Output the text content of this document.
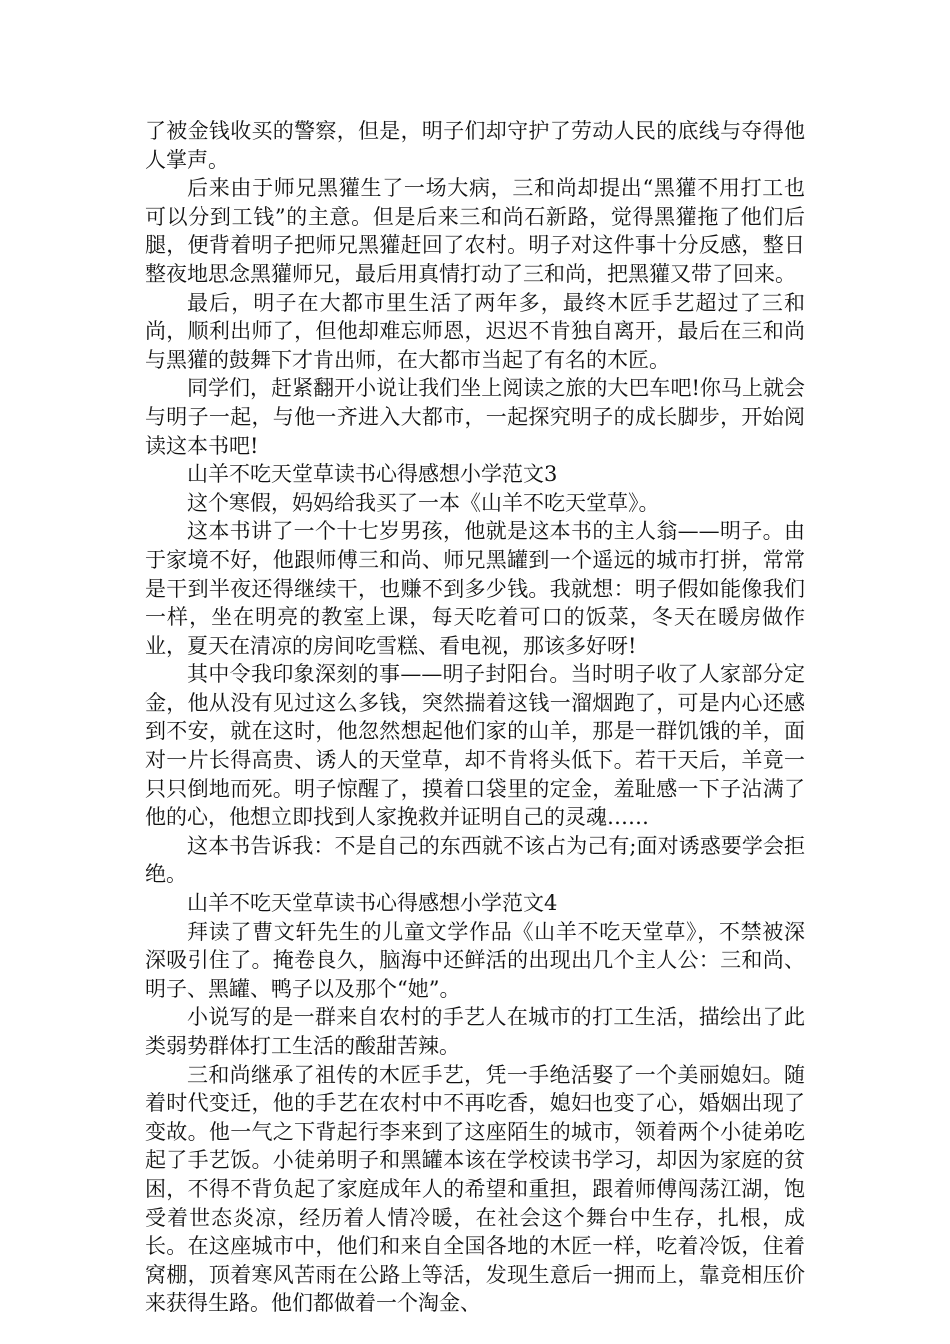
了被金钱收买的警察，但是，明子们却守护了劳动人民的底线与夺得他人掌声。

后来由于师兄黑獾生了一场大病，三和尚却提出“黑獾不用打工也可以分到工钱”的主意。但是后来三和尚石新路，觉得黑獾拖了他们后腿，便背着明子把师兄黑獾赶回了农村。明子对这件事十分反感，整日整夜地思念黑獾师兄，最后用真情打动了三和尚，把黑獾又带了回来。

最后，明子在大都市里生活了两年多，最终木匠手艺超过了三和尚，顺利出师了，但他却难忘师恩，迟迟不肯独自离开，最后在三和尚与黑獾的鼓舞下才肯出师，在大都市当起了有名的木匠。

同学们，赶紧翻开小说让我们坐上阅读之旅的大巴车吧!你马上就会与明子一起，与他一齐进入大都市，一起探究明子的成长脚步，开始阅读这本书吧!

山羊不吃天堂草读书心得感想小学范文3

这个寒假，妈妈给我买了一本《山羊不吃天堂草》。

这本书讲了一个十七岁男孩，他就是这本书的主人翁——明子。由于家境不好，他跟师傅三和尚、师兄黑罐到一个遥远的城市打拼，常常是干到半夜还得继续干，也赚不到多少钱。我就想：明子假如能像我们一样，坐在明亮的教室上课，每天吃着可口的饭菜，冬天在暖房做作业，夏天在清凉的房间吃雪糕、看电视，那该多好呀!

其中令我印象深刻的事——明子封阳台。当时明子收了人家部分定金，他从没有见过这么多钱，突然揣着这钱一溜烟跑了，可是内心还感到不安，就在这时，他忽然想起他们家的山羊，那是一群饥饿的羊，面对一片长得高贵、诱人的天堂草，却不肯将头低下。若干天后，羊竟一只只倒地而死。明子惊醒了，摸着口袋里的定金，羞耻感一下子沾满了他的心，他想立即找到人家挽救并证明自己的灵魂……

这本书告诉我：不是自己的东西就不该占为己有;面对诱惑要学会拒绝。

山羊不吃天堂草读书心得感想小学范文4

拜读了曹文轩先生的儿童文学作品《山羊不吃天堂草》，不禁被深深吸引住了。掩卷良久，脑海中还鲜活的出现出几个主人公：三和尚、明子、黑罐、鸭子以及那个“她”。

小说写的是一群来自农村的手艺人在城市的打工生活，描绘出了此类弱势群体打工生活的酸甜苦辣。

三和尚继承了祖传的木匠手艺，凭一手绝活娶了一个美丽媳妇。随着时代变迁，他的手艺在农村中不再吃香，媳妇也变了心，婚姻出现了变故。他一气之下背起行李来到了这座陌生的城市，领着两个小徒弟吃起了手艺饭。小徒弟明子和黑罐本该在学校读书学习，却因为家庭的贫困，不得不背负起了家庭成年人的希望和重担，跟着师傅闯荡江湖，饱受着世态炎凉，经历着人情冷暖，在社会这个舞台中生存，扎根，成长。在这座城市中，他们和来自全国各地的木匠一样，吃着冷饭，住着窝棚，顶着寒风苦雨在公路上等活，发现生意后一拥而上，靠竞相压价来获得生路。他们都做着一个淘金、
